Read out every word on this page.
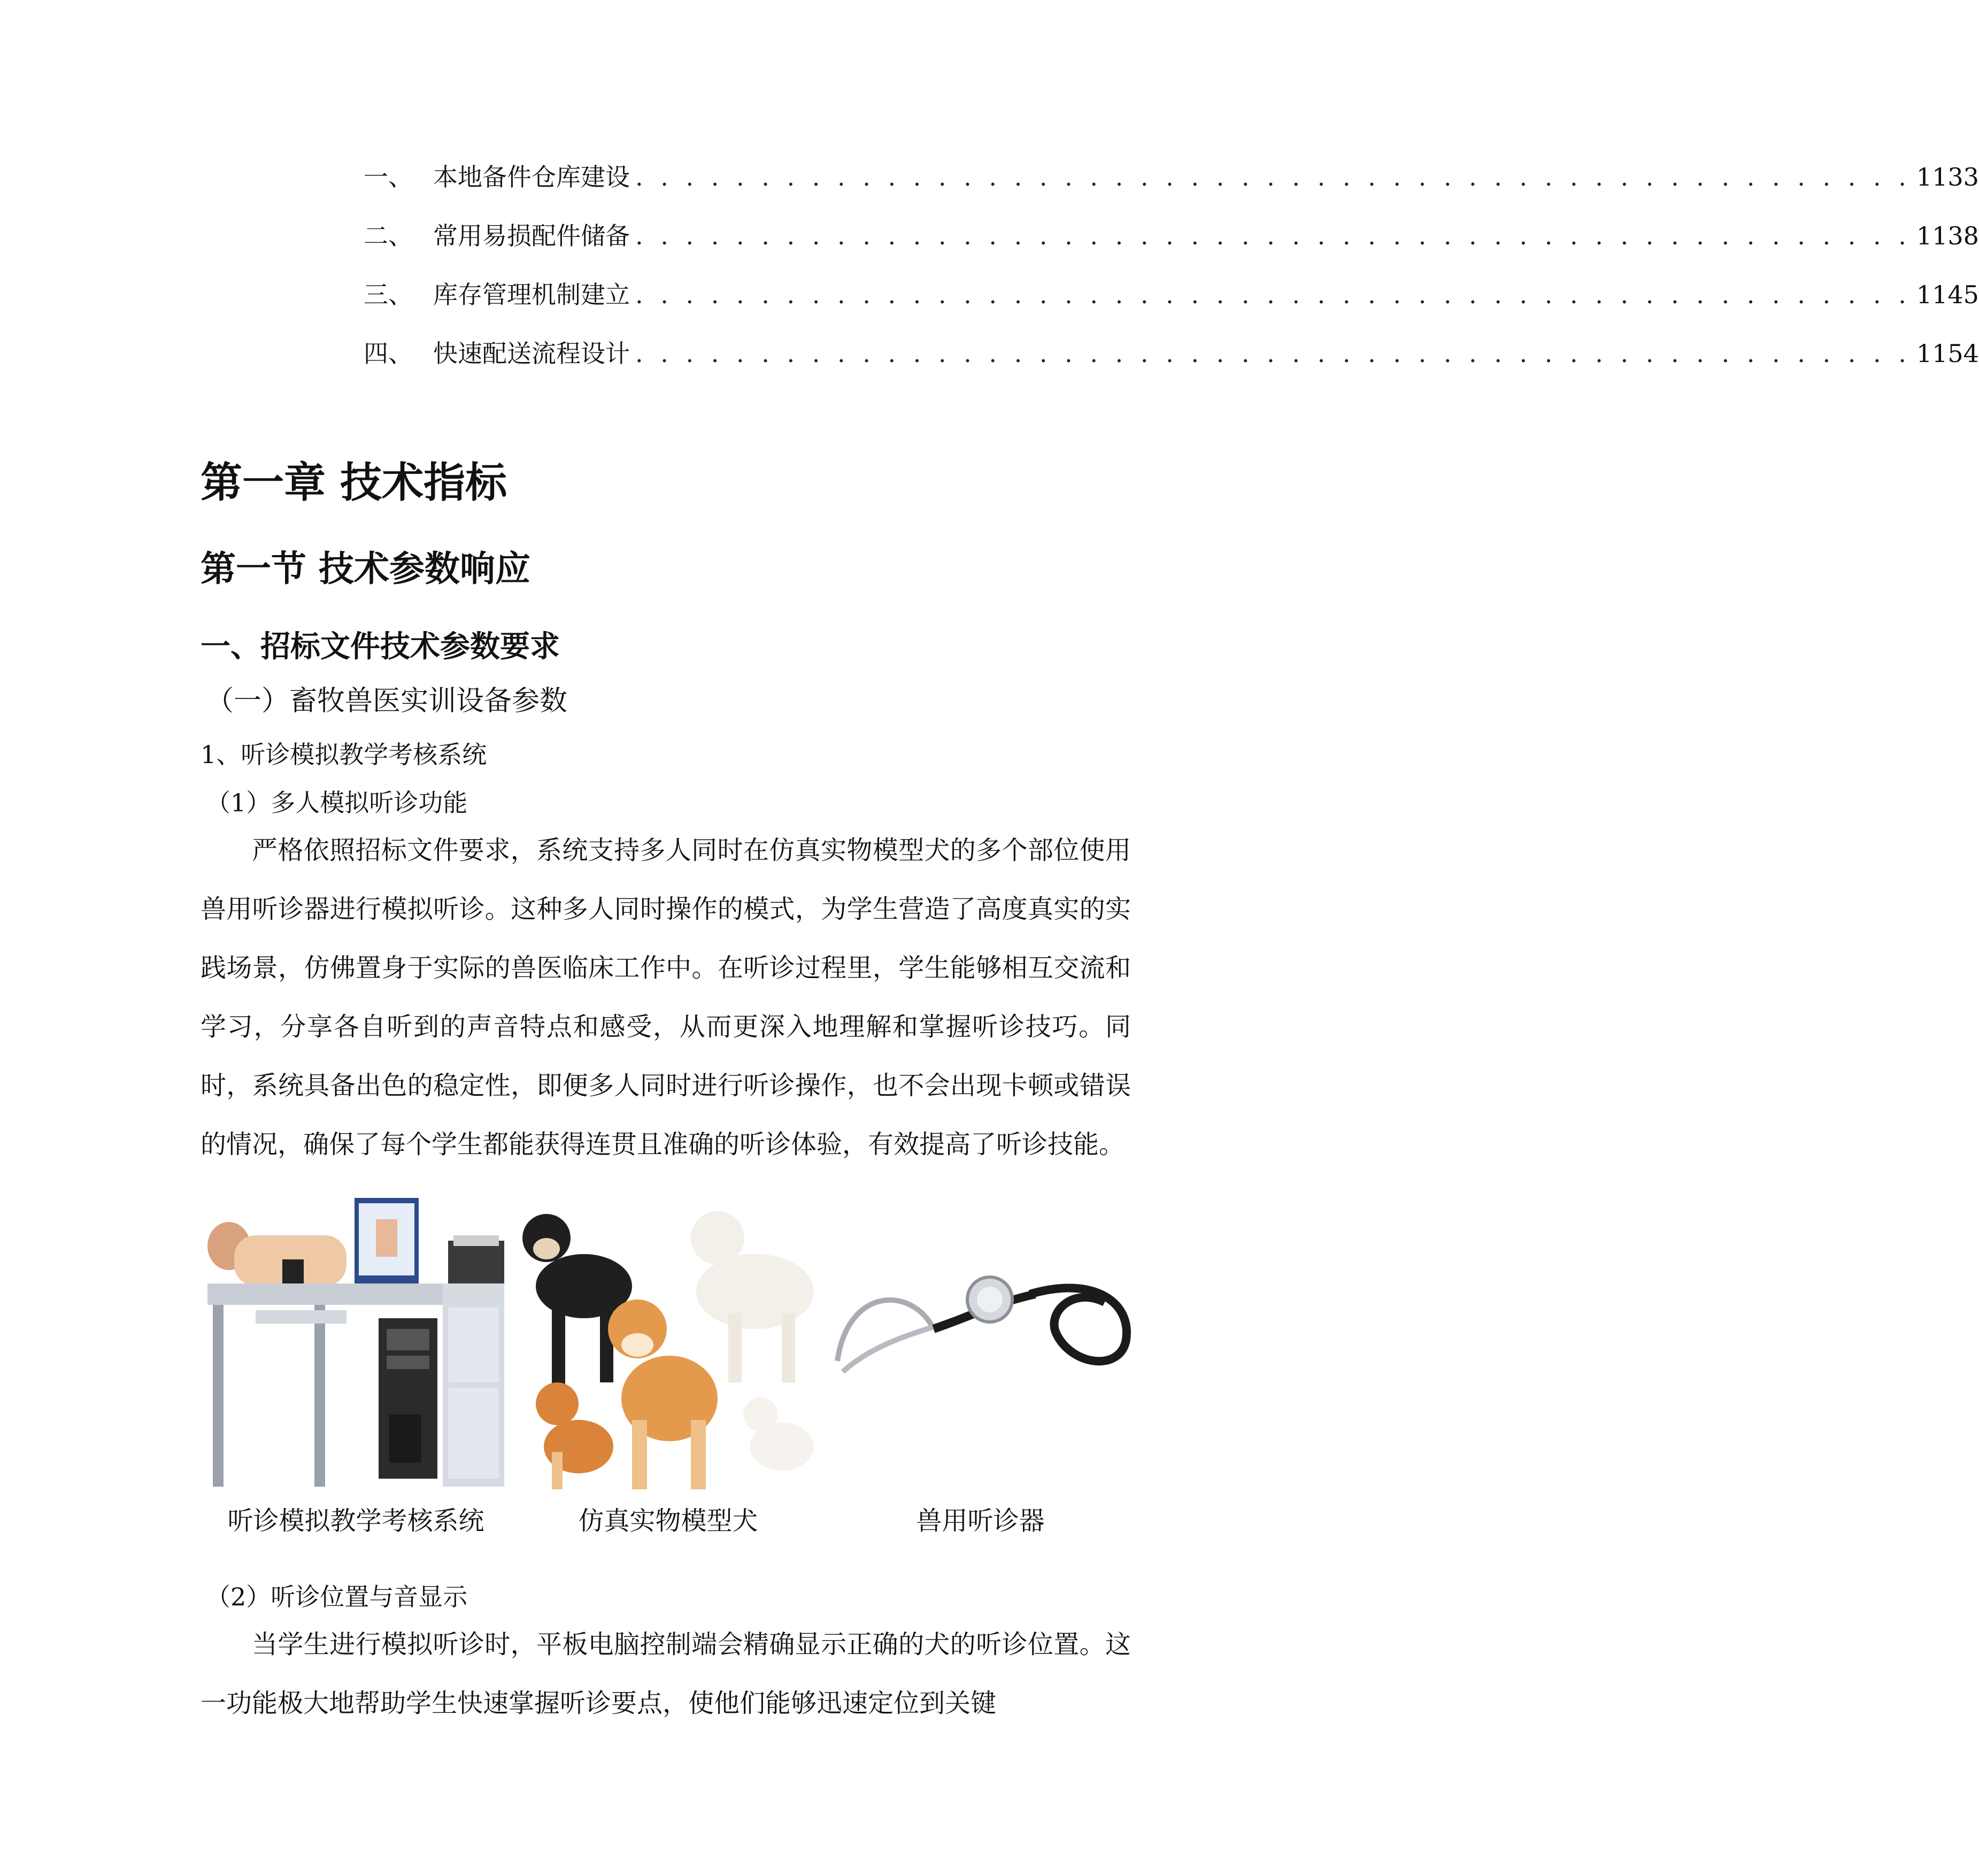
一、 本地备件仓库建设 . . . . . . . . . . . . . . . . . . . . . . . . . . . . . . . . . . . . . . . . . . . . . . . . . . . 1133
二、 常用易损配件储备 . . . . . . . . . . . . . . . . . . . . . . . . . . . . . . . . . . . . . . . . . . . . . . . . . . . 1138
三、 库存管理机制建立 . . . . . . . . . . . . . . . . . . . . . . . . . . . . . . . . . . . . . . . . . . . . . . . . . . . 1145
四、 快速配送流程设计 . . . . . . . . . . . . . . . . . . . . . . . . . . . . . . . . . . . . . . . . . . . . . . . . . . . 1154
第一章 技术指标
第一节 技术参数响应
一、招标文件技术参数要求
（一）畜牧兽医实训设备参数
1、听诊模拟教学考核系统
（1）多人模拟听诊功能
严格依照招标文件要求，系统支持多人同时在仿真实物模型犬的多个部位使用兽用听诊器进行模拟听诊。这种多人同时操作的模式，为学生营造了高度真实的实践场景，仿佛置身于实际的兽医临床工作中。在听诊过程里，学生能够相互交流和学习，分享各自听到的声音特点和感受，从而更深入地理解和掌握听诊技巧。同时，系统具备出色的稳定性，即便多人同时进行听诊操作，也不会出现卡顿或错误的情况，确保了每个学生都能获得连贯且准确的听诊体验，有效提高了听诊技能。
听诊模拟教学考核系统	仿真实物模型犬	兽用听诊器
（2）听诊位置与音显示
当学生进行模拟听诊时，平板电脑控制端会精确显示正确的犬的听诊位置。这一功能极大地帮助学生快速掌握听诊要点，使他们能够迅速定位到关键
